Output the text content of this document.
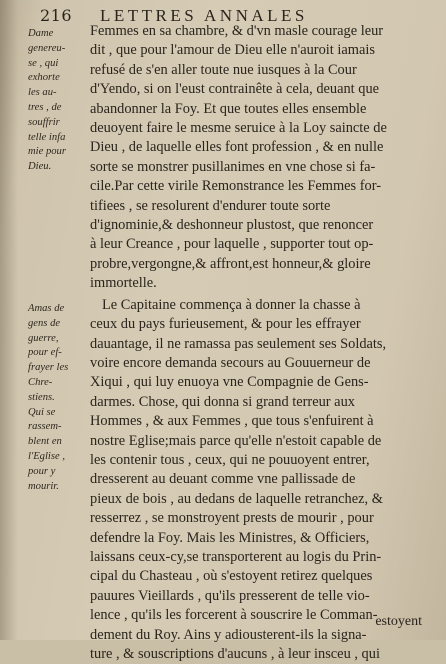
216 LETTRES ANNALES
Dame
genereu-
se , qui
exhorte
les au-
tres , de
souffrir
telle infa
mie pour
Dieu.
Amas de
gens de
guerre,
pour ef-
frayer les
Chre-
stiens.
Qui se
rassem-
blent en
l'Eglise ,
pour y
mourir.

Femmes en sa chambre, & d'vn masle courage leur
dit , que pour l'amour de Dieu elle n'auroit iamais
refusé de s'en aller toute nue iusques à la Cour
d'Yendo, si on l'eust contrainête à cela, deuant que
abandonner la Foy. Et que toutes elles ensemble
deuoyent faire le mesme seruice à la Loy saincte de
Dieu , de laquelle elles font profession , & en nulle
sorte se monstrer pusillanimes en vne chose si fa-
cile.Par cette virile Remonstrance les Femmes for-
tifiees , se resolurent d'endurer toute sorte
d'ignominie,& deshonneur plustost, que renoncer
à leur Creance , pour laquelle , supporter tout op-
probre,vergongne,& affront,est honneur,& gloire
immortelle.

Le Capitaine commença à donner la chasse à
ceux du pays furieusement, & pour les effrayer
dauantage, il ne ramassa pas seulement ses Soldats,
voire encore demanda secours au Gouuerneur de
Xiqui , qui luy enuoya vne Compagnie de Gens-
darmes. Chose, qui donna si grand terreur aux
Hommes , & aux Femmes , que tous s'enfuirent à
nostre Eglise;mais parce qu'elle n'estoit capable de
les contenir tous , ceux, qui ne pouuoyent entrer,
dresserent au deuant comme vne pallissade de
pieux de bois , au dedans de laquelle retranchez, &
resserrez , se monstroyent prests de mourir , pour
defendre la Foy. Mais les Ministres, & Officiers,
laissans ceux-cy,se transporterent au logis du Prin-
cipal du Chasteau , où s'estoyent retirez quelques
pauures Vieillards , qu'ils presserent de telle vio-
lence , qu'ils les forcerent à souscrire le Comman-
dement du Roy. Ains y adiousterent-ils la signa-
ture , & souscriptions d'aucuns , à leur insceu , qui

estoyent
